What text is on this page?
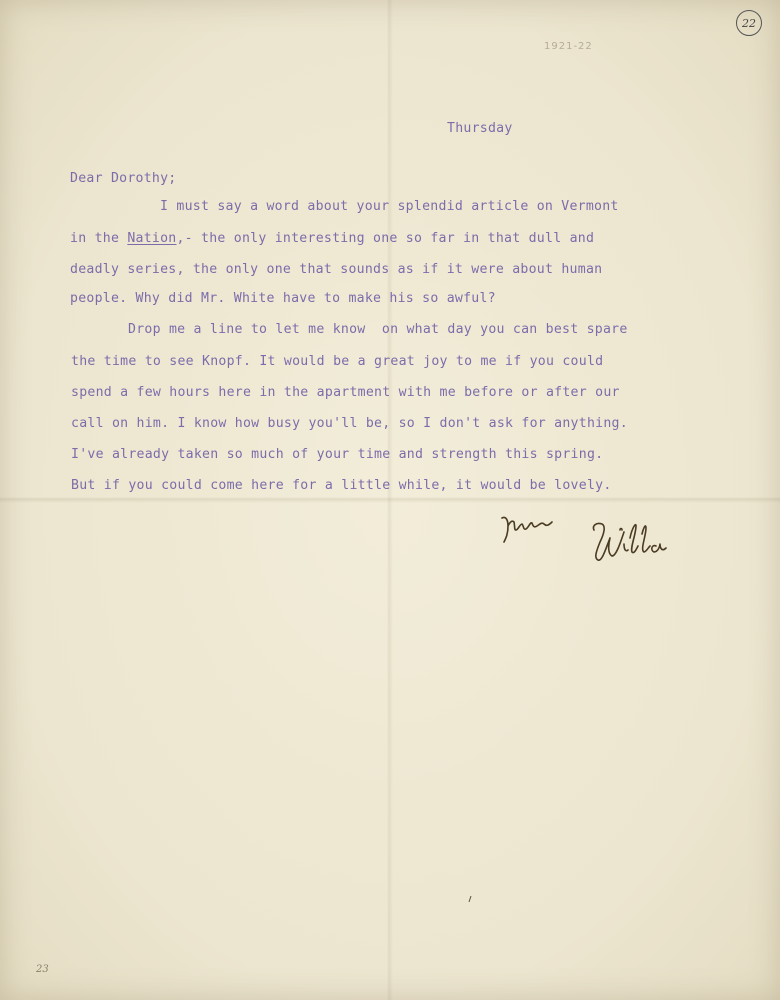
22
1921-22
Thursday
Dear Dorothy;
I must say a word about your splendid article on Vermont
in the Nation,- the only interesting one so far in that dull and
deadly series, the only one that sounds as if it were about human
people. Why did Mr. White have to make his so awful?
Drop me a line to let me know  on what day you can best spare
the time to see Knopf. It would be a great joy to me if you could
spend a few hours here in the apartment with me before or after our
call on him. I know how busy you'll be, so I don't ask for anything.
I've already taken so much of your time and strength this spring.
But if you could come here for a little while, it would be lovely.
23
